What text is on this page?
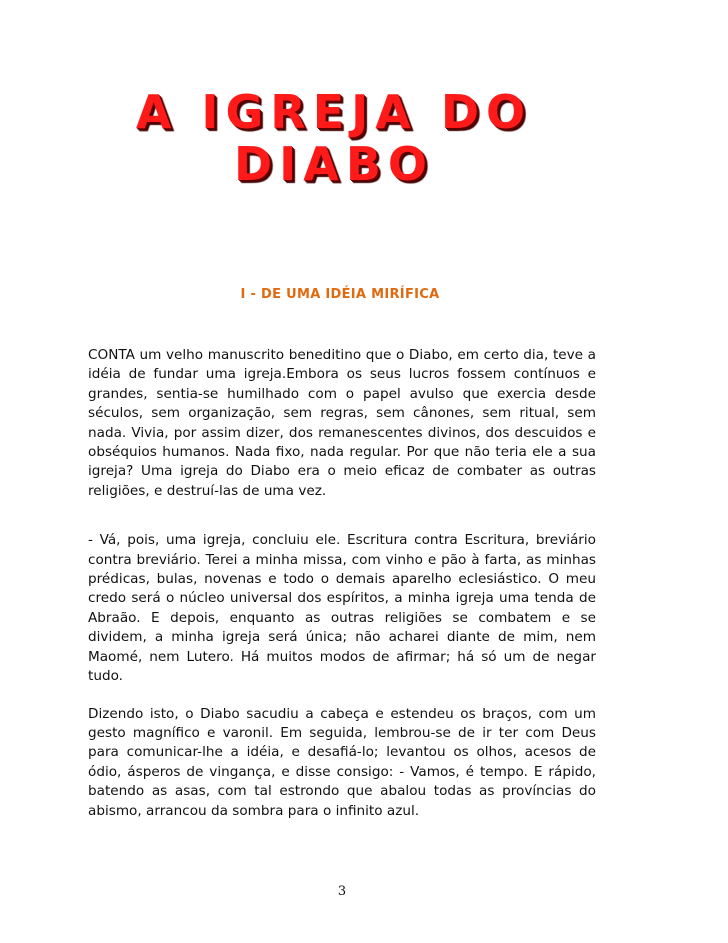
A IGREJA DO
DIABO
I - DE UMA IDÉIA MIRÍFICA

CONTA um velho manuscrito beneditino que o Diabo, em certo dia, teve a idéia de fundar uma igreja.Embora os seus lucros fossem contínuos e grandes, sentia-se humilhado com o papel avulso que exercia desde séculos, sem organização, sem regras, sem cânones, sem ritual, sem nada. Vivia, por assim dizer, dos remanescentes divinos, dos descuidos e obséquios humanos. Nada fixo, nada regular. Por que não teria ele a sua igreja? Uma igreja do Diabo era o meio eficaz de combater as outras religiões, e destruí-las de uma vez.

- Vá, pois, uma igreja, concluiu ele. Escritura contra Escritura, breviário contra breviário. Terei a minha missa, com vinho e pão à farta, as minhas prédicas, bulas, novenas e todo o demais aparelho eclesiástico. O meu credo será o núcleo universal dos espíritos, a minha igreja uma tenda de Abraão. E depois, enquanto as outras religiões se combatem e se dividem, a minha igreja será única; não acharei diante de mim, nem Maomé, nem Lutero. Há muitos modos de afirmar; há só um de negar tudo.

Dizendo isto, o Diabo sacudiu a cabeça e estendeu os braços, com um gesto magnífico e varonil. Em seguida, lembrou-se de ir ter com Deus para comunicar-lhe a idéia, e desafiá-lo; levantou os olhos, acesos de ódio, ásperos de vingança, e disse consigo: - Vamos, é tempo. E rápido, batendo as asas, com tal estrondo que abalou todas as províncias do abismo, arrancou da sombra para o infinito azul.

3
